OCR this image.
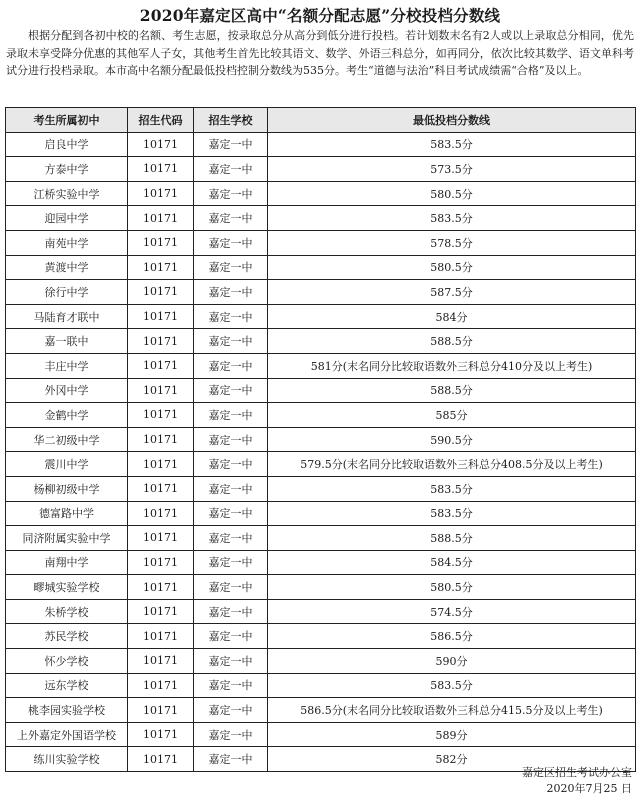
2020年嘉定区高中“名额分配志愿”分校投档分数线
根据分配到各初中校的名额、考生志愿，按录取总分从高分到低分进行投档。若计划数末名有2人或以上录取总分相同，优先录取未享受降分优惠的其他军人子女，其他考生首先比较其语文、数学、外语三科总分，如再同分，依次比较其数学、语文单科考试分进行投档录取。本市高中名额分配最低投档控制分数线为535分。考生“道德与法治”科目考试成绩需“合格”及以上。
考生所属初中	招生代码	招生学校	最低投档分数线
启良中学	10171	嘉定一中	583.5分
方泰中学	10171	嘉定一中	573.5分
江桥实验中学	10171	嘉定一中	580.5分
迎园中学	10171	嘉定一中	583.5分
南苑中学	10171	嘉定一中	578.5分
黄渡中学	10171	嘉定一中	580.5分
徐行中学	10171	嘉定一中	587.5分
马陆育才联中	10171	嘉定一中	584分
嘉一联中	10171	嘉定一中	588.5分
丰庄中学	10171	嘉定一中	581分(末名同分比较取语数外三科总分410分及以上考生)
外冈中学	10171	嘉定一中	588.5分
金鹤中学	10171	嘉定一中	585分
华二初级中学	10171	嘉定一中	590.5分
震川中学	10171	嘉定一中	579.5分(末名同分比较取语数外三科总分408.5分及以上考生)
杨柳初级中学	10171	嘉定一中	583.5分
德富路中学	10171	嘉定一中	583.5分
同济附属实验中学	10171	嘉定一中	588.5分
南翔中学	10171	嘉定一中	584.5分
疁城实验学校	10171	嘉定一中	580.5分
朱桥学校	10171	嘉定一中	574.5分
苏民学校	10171	嘉定一中	586.5分
怀少学校	10171	嘉定一中	590分
远东学校	10171	嘉定一中	583.5分
桃李园实验学校	10171	嘉定一中	586.5分(末名同分比较取语数外三科总分415.5分及以上考生)
上外嘉定外国语学校	10171	嘉定一中	589分
练川实验学校	10171	嘉定一中	582分
嘉定区招生考试办公室
2020年7月25 日
